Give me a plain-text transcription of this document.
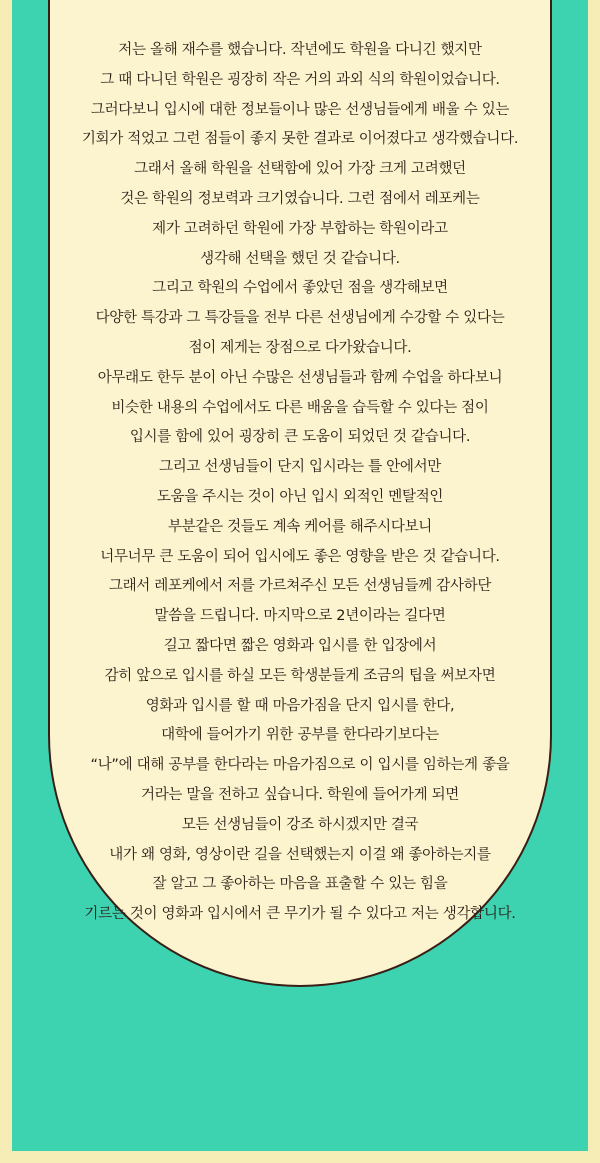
저는 올해 재수를 했습니다. 작년에도 학원을 다니긴 했지만
그 때 다니던 학원은 굉장히 작은 거의 과외 식의 학원이었습니다.
그러다보니 입시에 대한 정보들이나 많은 선생님들에게 배울 수 있는
기회가 적었고 그런 점들이 좋지 못한 결과로 이어졌다고 생각했습니다.
그래서 올해 학원을 선택함에 있어 가장 크게 고려했던
것은 학원의 정보력과 크기였습니다. 그런 점에서 레포케는
제가 고려하던 학원에 가장 부합하는 학원이라고
생각해 선택을 했던 것 같습니다.
그리고 학원의 수업에서 좋았던 점을 생각해보면
다양한 특강과 그 특강들을 전부 다른 선생님에게 수강할 수 있다는
점이 제게는 장점으로 다가왔습니다.
아무래도 한두 분이 아닌 수많은 선생님들과 함께 수업을 하다보니
비슷한 내용의 수업에서도 다른 배움을 습득할 수 있다는 점이
입시를 함에 있어 굉장히 큰 도움이 되었던 것 같습니다.
그리고 선생님들이 단지 입시라는 틀 안에서만
도움을 주시는 것이 아닌 입시 외적인 멘탈적인
부분같은 것들도 계속 케어를 해주시다보니
너무너무 큰 도움이 되어 입시에도 좋은 영향을 받은 것 같습니다.
그래서 레포케에서 저를 가르쳐주신 모든 선생님들께 감사하단
말씀을 드립니다. 마지막으로 2년이라는 길다면
길고 짧다면 짧은 영화과 입시를 한 입장에서
감히 앞으로 입시를 하실 모든 학생분들게 조금의 팁을 써보자면
영화과 입시를 할 때 마음가짐을 단지 입시를 한다,
대학에 들어가기 위한 공부를 한다라기보다는
“나”에 대해 공부를 한다라는 마음가짐으로 이 입시를 임하는게 좋을
거라는 말을 전하고 싶습니다. 학원에 들어가게 되면
모든 선생님들이 강조 하시겠지만 결국
내가 왜 영화, 영상이란 길을 선택했는지 이걸 왜 좋아하는지를
잘 알고 그 좋아하는 마음을 표출할 수 있는 힘을
기르는 것이 영화과 입시에서 큰 무기가 될 수 있다고 저는 생각합니다.
